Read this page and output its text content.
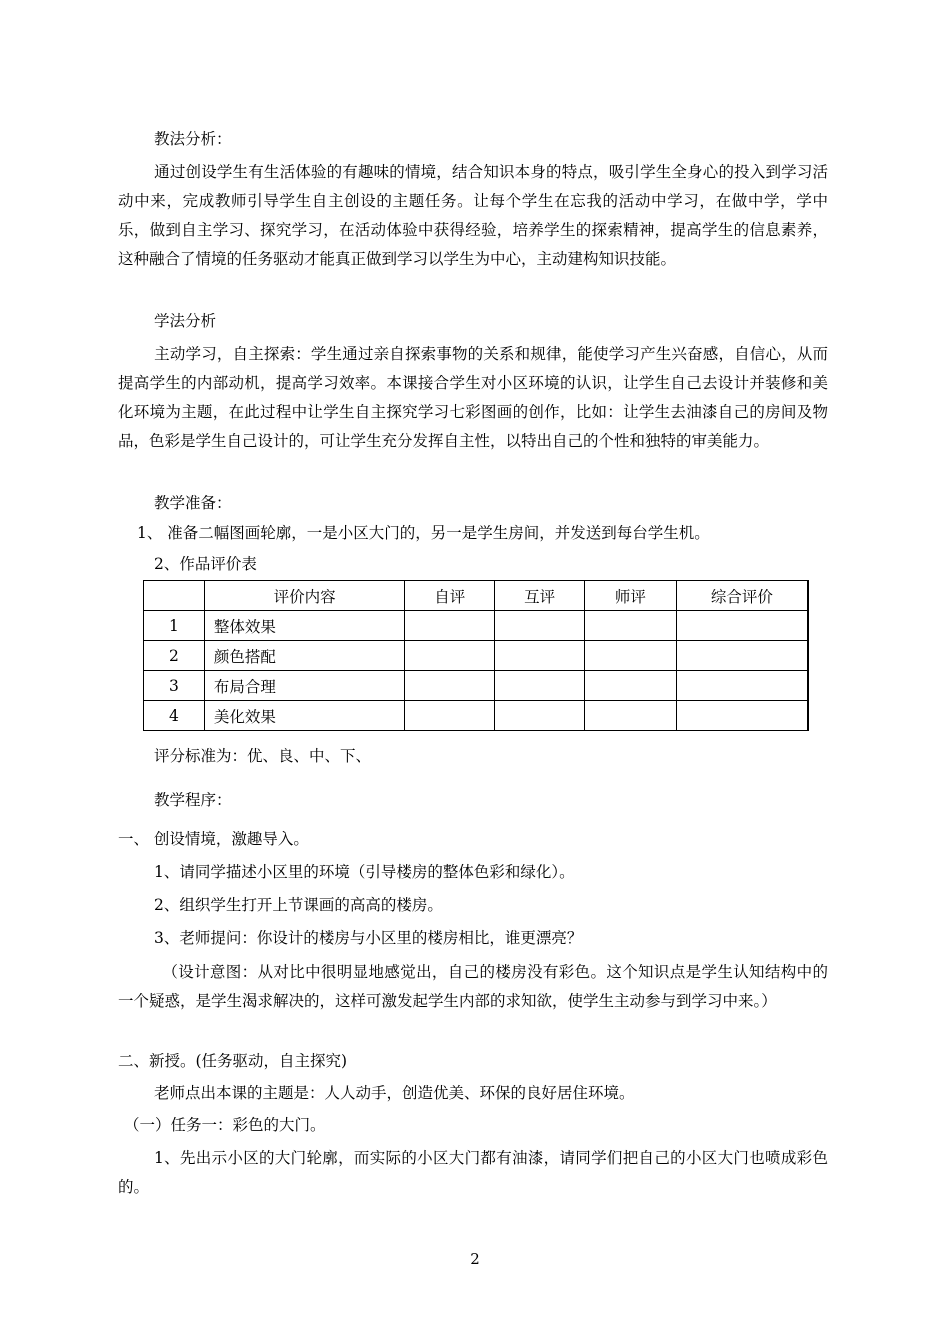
教法分析：
通过创设学生有生活体验的有趣味的情境，结合知识本身的特点，吸引学生全身心的投入到学习活动中来，完成教师引导学生自主创设的主题任务。让每个学生在忘我的活动中学习，在做中学，学中乐，做到自主学习、探究学习，在活动体验中获得经验，培养学生的探索精神，提高学生的信息素养，这种融合了情境的任务驱动才能真正做到学习以学生为中心，主动建构知识技能。
学法分析
主动学习，自主探索：学生通过亲自探索事物的关系和规律，能使学习产生兴奋感，自信心，从而提高学生的内部动机，提高学习效率。本课接合学生对小区环境的认识，让学生自己去设计并装修和美化环境为主题，在此过程中让学生自主探究学习七彩图画的创作，比如：让学生去油漆自己的房间及物品，色彩是学生自己设计的，可让学生充分发挥自主性，以特出自己的个性和独特的审美能力。
教学准备：
1、 准备二幅图画轮廓，一是小区大门的，另一是学生房间，并发送到每台学生机。
2、作品评价表
	评价内容	自评	互评	师评	综合评价
1	整体效果				
2	颜色搭配				
3	布局合理				
4	美化效果				
评分标准为：优、良、中、下、
教学程序：
一、 创设情境，激趣导入。
1、请同学描述小区里的环境（引导楼房的整体色彩和绿化）。
2、组织学生打开上节课画的高高的楼房。
3、老师提问：你设计的楼房与小区里的楼房相比，谁更漂亮？
（设计意图：从对比中很明显地感觉出，自己的楼房没有彩色。这个知识点是学生认知结构中的一个疑惑，是学生渴求解决的，这样可激发起学生内部的求知欲，使学生主动参与到学习中来。）
二、新授。(任务驱动，自主探究)
老师点出本课的主题是：人人动手，创造优美、环保的良好居住环境。
（一）任务一：彩色的大门。
1、先出示小区的大门轮廓，而实际的小区大门都有油漆，请同学们把自己的小区大门也喷成彩色的。
2
